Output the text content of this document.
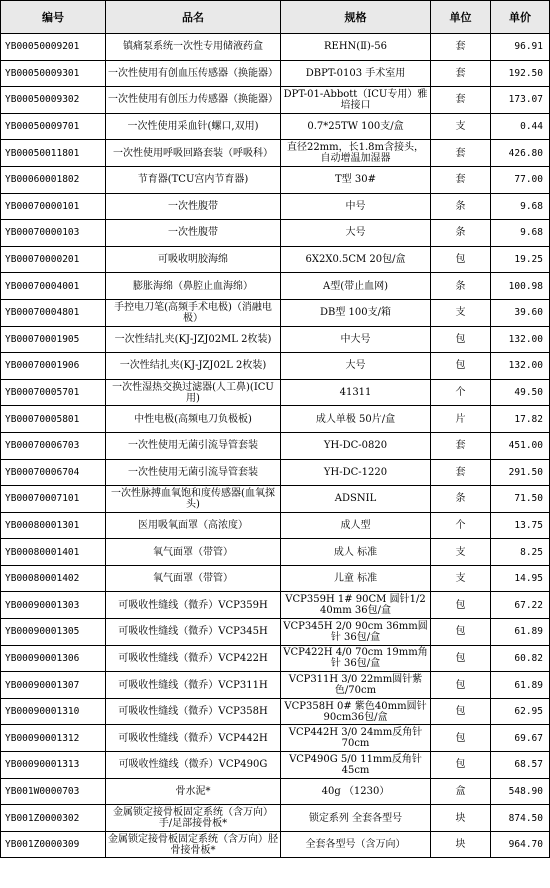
编号	品名	规格	单位	单价
YB00050009201	镇痛泵系统一次性专用储液药盒	REHN(Ⅱ)-56	套	96.91
YB00050009301	一次性使用有创血压传感器（换能器）	DBPT-0103 手术室用	套	192.50
YB00050009302	一次性使用有创压力传感器（换能器）	DPT-01-Abbott（ICU专用）雅培接口	套	173.07
YB00050009701	一次性使用采血针(螺口,双用)	0.7*25TW 100支/盒	支	0.44
YB00050011801	一次性使用呼吸回路套装（呼吸科）	直径22mm，长1.8m含接头，自动增温加湿器	套	426.80
YB00060001802	节育器(TCU宫内节育器)	T型 30#	套	77.00
YB00070000101	一次性腹带	中号	条	9.68
YB00070000103	一次性腹带	大号	条	9.68
YB00070000201	可吸收明胶海绵	6X2X0.5CM 20包/盒	包	19.25
YB00070004001	膨胀海绵（鼻腔止血海绵）	A型(带止血网)	条	100.98
YB00070004801	手控电刀笔(高频手术电极)（消融电极）	DB型 100支/箱	支	39.60
YB00070001905	一次性结扎夹(KJ-JZJ02ML 2枚装)	中大号	包	132.00
YB00070001906	一次性结扎夹(KJ-JZJ02L 2枚装)	大号	包	132.00
YB00070005701	一次性湿热交换过滤器(人工鼻)(ICU用)	41311	个	49.50
YB00070005801	中性电极(高频电刀负极板)	成人单极 50片/盒	片	17.82
YB00070006703	一次性使用无菌引流导管套装	YH-DC-0820	套	451.00
YB00070006704	一次性使用无菌引流导管套装	YH-DC-1220	套	291.50
YB00070007101	一次性脉搏血氧饱和度传感器(血氧探头)	ADSNIL	条	71.50
YB00080001301	医用吸氧面罩（高浓度）	成人型	个	13.75
YB00080001401	氧气面罩（带管）	成人 标准	支	8.25
YB00080001402	氧气面罩（带管）	儿童 标准	支	14.95
YB00090001303	可吸收性缝线（微乔）VCP359H	VCP359H 1# 90CM 圆针1/2 40mm 36包/盒	包	67.22
YB00090001305	可吸收性缝线（微乔）VCP345H	VCP345H 2/0 90cm 36mm圆针 36包/盒	包	61.89
YB00090001306	可吸收性缝线（微乔）VCP422H	VCP422H 4/0 70cm 19mm角针 36包/盒	包	60.82
YB00090001307	可吸收性缝线（微乔）VCP311H	VCP311H 3/0 22mm圆针紫色/70cm	包	61.89
YB00090001310	可吸收性缝线（微乔）VCP358H	VCP358H 0# 紫色40mm圆针 90cm36包/盒	包	62.95
YB00090001312	可吸收性缝线（微乔）VCP442H	VCP442H 3/0 24mm反角针 70cm	包	69.67
YB00090001313	可吸收性缝线（微乔）VCP490G	VCP490G 5/0 11mm反角针 45cm	包	68.57
YB001W0000703	骨水泥*	40g （1230）	盒	548.90
YB001Z0000302	金属锁定接骨板固定系统（含万向）手/足部接骨板*	锁定系列 全套各型号	块	874.50
YB001Z0000309	金属锁定接骨板固定系统（含万向）胫骨接骨板*	全套各型号（含万向）	块	964.70
